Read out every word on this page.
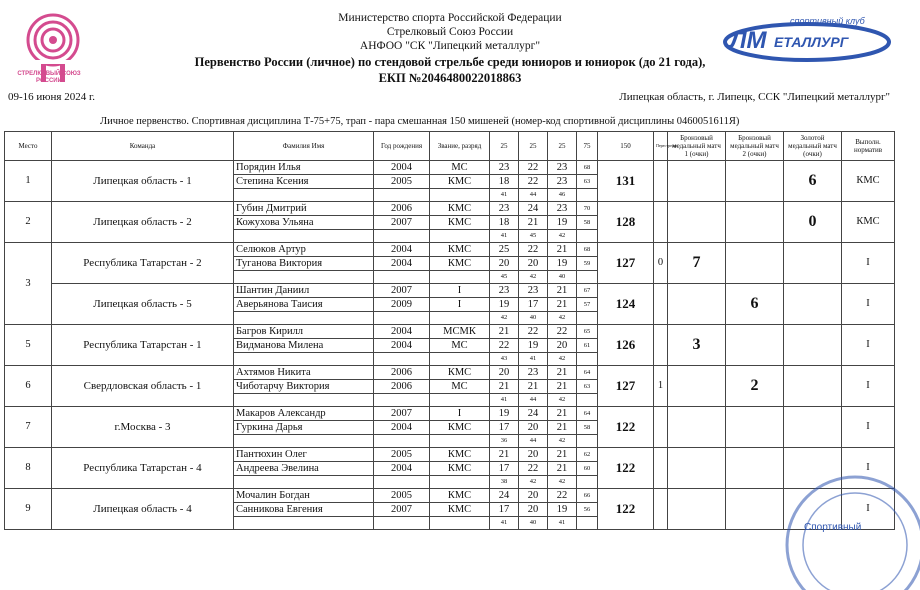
СТРЕЛКОВЫЙ СОЮЗ
РОССИИ
Министерство спорта Российской Федерации
Стрелковый Союз России
АНФОО "СК "Липецкий металлург"
Первенство России (личное) по стендовой стрельбе среди юниоров и юниорок (до 21 года),
ЕКП №2046480022018863
ЛМ
спортивный клуб
ЕТАЛЛУРГ
09-16 июня 2024 г.	Липецкая область, г. Липецк, ССК "Липецкий металлург"
Личное первенство. Спортивная дисциплина Т-75+75, трап - пара смешанная 150 мишеней (номер-код спортивной дисциплины 0460051611Я)
Место	Команда	Фамилия Имя	Год рождения	Звание, разряд	25	25	25	75	150	Перестрелка	Бронзовый медальный матч 1 (очки)	Бронзовый медальный матч 2 (очки)	Золотой медальный матч (очки)	Выполн. норматив
1	Липецкая область - 1	Порядин Илья	2004	МС	23	22	23	68	131				6	КМС
		Степина Ксения	2005	КМС	18	22	23	63						
					41	44	46							
2	Липецкая область - 2	Губин Дмитрий	2006	КМС	23	24	23	70	128				0	КМС
		Кожухова Ульяна	2007	КМС	18	21	19	58						
					41	45	42							
3	Республика Татарстан - 2	Селюков Артур	2004	КМС	25	22	21	68	127	0	7			I
		Туганова Виктория	2004	КМС	20	20	19	59						
					45	42	40							
	Липецкая область - 5	Шантин Даниил	2007	I	23	23	21	67	124			6		I
		Аверьянова Таисия	2009	I	19	17	21	57						
					42	40	42							
5	Республика Татарстан - 1	Багров Кирилл	2004	МСМК	21	22	22	65	126		3			I
		Видманова Милена	2004	МС	22	19	20	61						
					43	41	42							
6	Свердловская область - 1	Ахтямов Никита	2006	КМС	20	23	21	64	127	1		2		I
		Чиботарчу Виктория	2006	МС	21	21	21	63						
					41	44	42							
7	г.Москва - 3	Макаров Александр	2007	I	19	24	21	64	122					I
		Гуркина Дарья	2004	КМС	17	20	21	58						
					36	44	42							
8	Республика Татарстан - 4	Пантюхин Олег	2005	КМС	21	20	21	62	122					I
		Андреева Эвелина	2004	КМС	17	22	21	60						
					38	42	42							
9	Липецкая область - 4	Мочалин Богдан	2005	КМС	24	20	22	66	122					I
		Санникова Евгения	2007	КМС	17	20	19	56						
					41	40	41								Спортивный
